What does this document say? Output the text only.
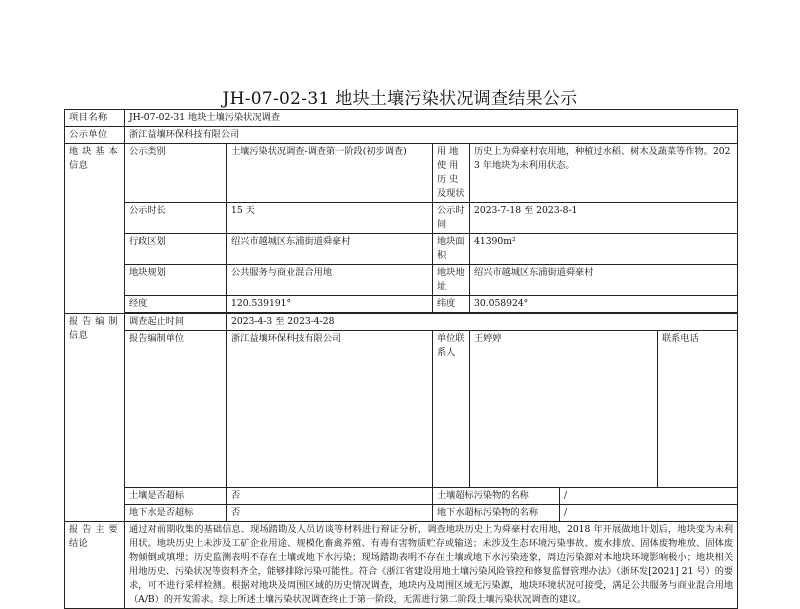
JH-07-02-31 地块土壤污染状况调查结果公示
项目名称	JH-07-02-31 地块土壤污染状况调查						
公示单位	浙江益壤环保科技有限公司						
地 块 基 本 信息	公示类别	土壤污染状况调查-调查第一阶段(初步调查)	用 地 使 用 历 史及现状	历史上为舜豪村农用地，种植过水稻、树木及蔬菜等作物。2023 年地块为未利用状态。			
	公示时长	15 天	公示时间	2023-7-18 至 2023-8-1			
	行政区划	绍兴市越城区东浦街道舜豪村	地块面积	41390m²			
	地块规划	公共服务与商业混合用地	地块地址	绍兴市越城区东浦街道舜豪村			
	经度	120.539191°	纬度	30.058924°			

报 告 编 制 信息	调查起止时间	2023-4-3 至 2023-4-28					
	报告编制单位	浙江益壤环保科技有限公司	单位联系人	王婷婷		联系电话	
	土壤是否超标	否	土壤超标污染物的名称		/		
	地下水是否超标	否	地下水超标污染物的名称		/		
报 告 主 要 结论	通过对前期收集的基础信息、现场踏勘及人员访谈等材料进行辩证分析，调查地块历史上为舜豪村农用地，2018 年开展做地计划后，地块变为未利用状。地块历史上未涉及工矿企业用途、规模化畜禽养殖、有毒有害物质贮存或输送；未涉及生态环境污染事故、废水排放、固体废物堆放、固体废物倾倒或填埋；历史监测表明不存在土壤或地下水污染；现场踏勘表明不存在土壤或地下水污染迹象，周边污染源对本地块环境影响极小；地块相关用地历史、污染状况等资料齐全，能够排除污染可能性。符合《浙江省建设用地土壤污染风险管控和修复监督管理办法》（浙环发[2021] 21 号）的要求，可不进行采样检测。根据对地块及周围区域的历史情况调查，地块内及周围区域无污染源，地块环境状况可接受，满足公共服务与商业混合用地（A/B）的开发需求。综上所述土壤污染状况调查终止于第一阶段，无需进行第二阶段土壤污染状况调查的建议。						
